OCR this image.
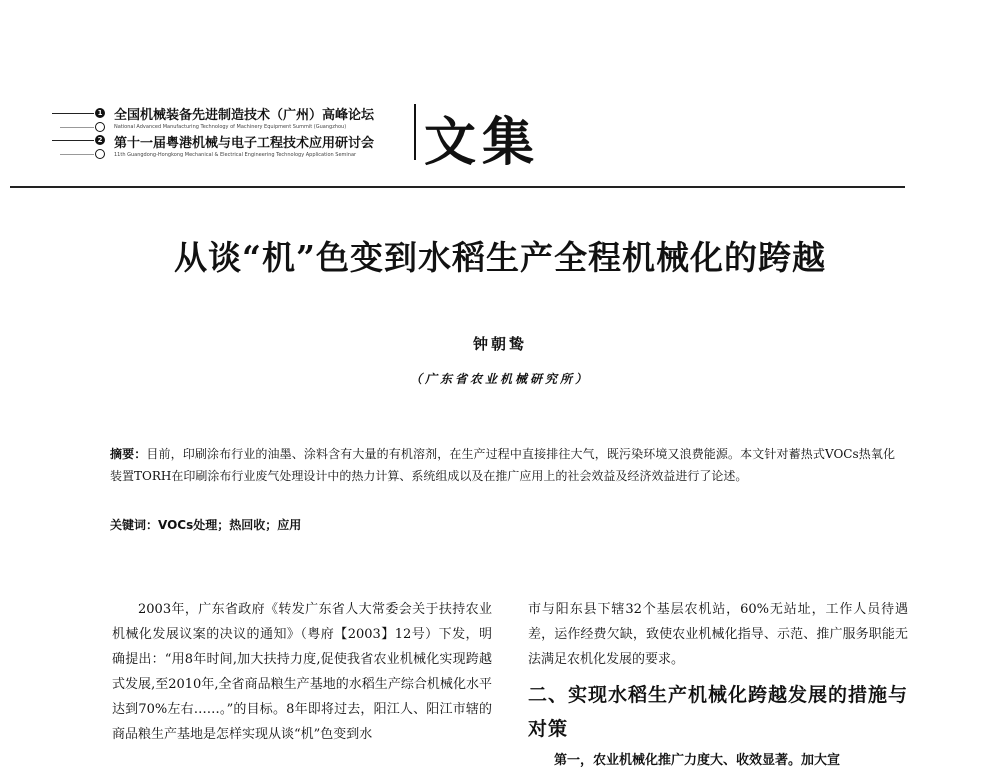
1
2
3
全国机械装备先进制造技术（广州）高峰论坛
National Advanced Manufacturing Technology of Machinery Equipment Summit (Guangzhou)
第十一届粤港机械与电子工程技术应用研讨会
11th Guangdong-Hongkong Mechanical & Electrical Engineering Technology Application Seminar 文集
从谈“机”色变到水稻生产全程机械化的跨越
钟朝鸷
（广东省农业机械研究所）
摘要：目前，印刷涂布行业的油墨、涂料含有大量的有机溶剂，在生产过程中直接排往大气，既污染环境又浪费能源。本文针对蓄热式VOCs热氧化装置TORH在印刷涂布行业废气处理设计中的热力计算、系统组成以及在推广应用上的社会效益及经济效益进行了论述。
关键词：VOCs处理；热回收；应用

2003年，广东省政府《转发广东省人大常委会关于扶持农业机械化发展议案的决议的通知》（粤府【2003】12号）下发，明确提出：“用8年时间,加大扶持力度,促使我省农业机械化实现跨越式发展,至2010年,全省商品粮生产基地的水稻生产综合机械化水平达到70%左右……。”的目标。8年即将过去，阳江人、阳江市辖的商品粮生产基地是怎样实现从谈“机”色变到水

市与阳东县下辖32个基层农机站，60%无站址，工作人员待遇差，运作经费欠缺，致使农业机械化指导、示范、推广服务职能无法满足农机化发展的要求。

二、实现水稻生产机械化跨越发展的措施与对策

第一，农业机械化推广力度大、收效显著。加大宣
